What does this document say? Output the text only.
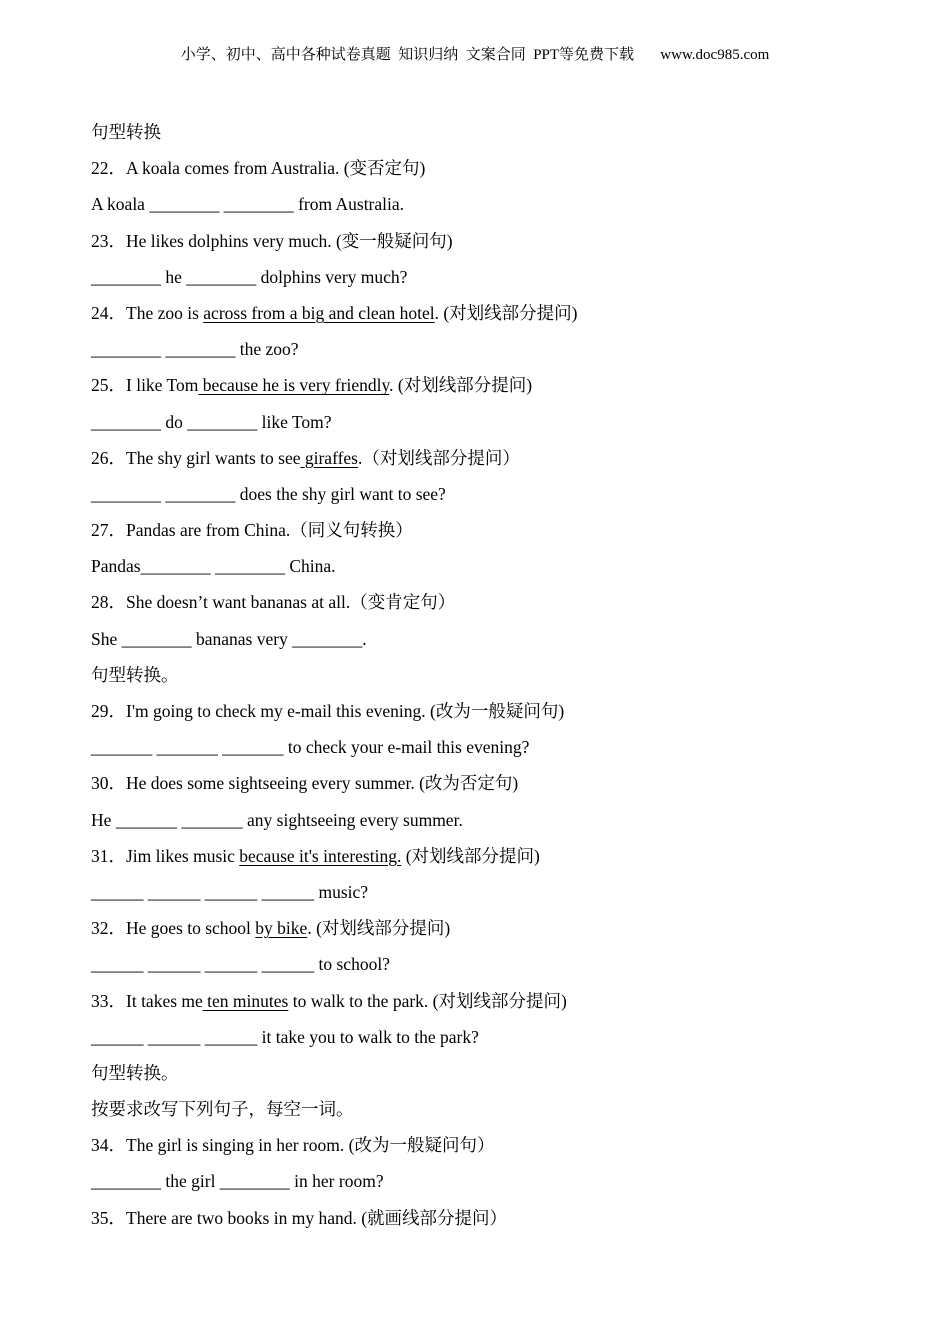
小学、初中、高中各种试卷真题  知识归纳  文案合同  PPT等免费下载       www.doc985.com

句型转换

22．A koala comes from Australia. (变否定句)

A koala ________ ________ from Australia.

23．He likes dolphins very much. (变一般疑问句)

________ he ________ dolphins very much?

24．The zoo is across from a big and clean hotel. (对划线部分提问)

________ ________ the zoo?

25．I like Tom because he is very friendly. (对划线部分提问)

________ do ________ like Tom?

26．The shy girl wants to see giraffes.（对划线部分提问）

________ ________ does the shy girl want to see?

27．Pandas are from China.（同义句转换）

Pandas________ ________ China.

28．She doesn’t want bananas at all.（变肯定句）

She ________ bananas very ________.

句型转换。

29．I'm going to check my e-mail this evening. (改为一般疑问句)

_______ _______ _______ to check your e-mail this evening?

30．He does some sightseeing every summer. (改为否定句)

He _______ _______ any sightseeing every summer.

31．Jim likes music because it's interesting. (对划线部分提问)

______ ______ ______ ______ music?

32．He goes to school by bike. (对划线部分提问)

______ ______ ______ ______ to school?

33．It takes me ten minutes to walk to the park. (对划线部分提问)

______ ______ ______ it take you to walk to the park?

句型转换。

按要求改写下列句子，每空一词。

34．The girl is singing in her room. (改为一般疑问句）

________ the girl ________ in her room?

35．There are two books in my hand. (就画线部分提问）
